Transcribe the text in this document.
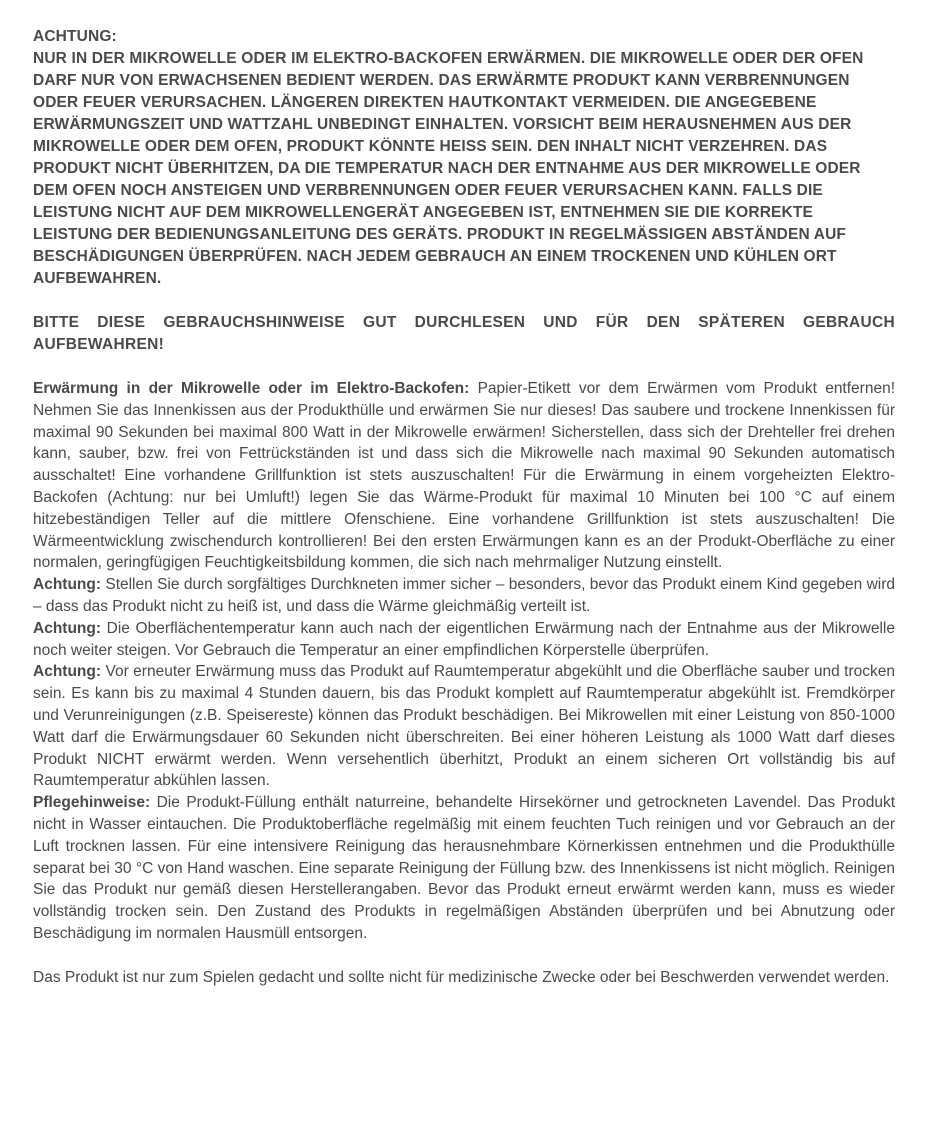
ACHTUNG:

NUR IN DER MIKROWELLE ODER IM ELEKTRO-BACKOFEN ERWÄRMEN. DIE MIKROWELLE ODER DER OFEN DARF NUR VON ERWACHSENEN BEDIENT WERDEN. DAS ERWÄRMTE PRODUKT KANN VERBRENNUNGEN ODER FEUER VERURSACHEN. LÄNGEREN DIREKTEN HAUTKONTAKT VERMEIDEN. DIE ANGEGEBENE ERWÄRMUNGSZEIT UND WATTZAHL UNBEDINGT EINHALTEN. VORSICHT BEIM HERAUSNEHMEN AUS DER MIKROWELLE ODER DEM OFEN, PRODUKT KÖNNTE HEISS SEIN. DEN INHALT NICHT VERZEHREN. DAS PRODUKT NICHT ÜBERHITZEN, DA DIE TEMPERATUR NACH DER ENTNAHME AUS DER MIKROWELLE ODER DEM OFEN NOCH ANSTEIGEN UND VERBRENNUNGEN ODER FEUER VERURSACHEN KANN. FALLS DIE LEISTUNG NICHT AUF DEM MIKROWELLENGERÄT ANGEGEBEN IST, ENTNEHMEN SIE DIE KORREKTE LEISTUNG DER BEDIENUNGSANLEITUNG DES GERÄTS. PRODUKT IN REGELMÄSSIGEN ABSTÄNDEN AUF BESCHÄDIGUNGEN ÜBERPRÜFEN. NACH JEDEM GEBRAUCH AN EINEM TROCKENEN UND KÜHLEN ORT AUFBEWAHREN.

BITTE DIESE GEBRAUCHSHINWEISE GUT DURCHLESEN UND FÜR DEN SPÄTEREN GEBRAUCH AUFBEWAHREN!

Erwärmung in der Mikrowelle oder im Elektro-Backofen: Papier-Etikett vor dem Erwärmen vom Produkt entfernen! Nehmen Sie das Innenkissen aus der Produkthülle und erwärmen Sie nur dieses! Das saubere und trockene Innenkissen für maximal 90 Sekunden bei maximal 800 Watt in der Mikrowelle erwärmen! Sicherstellen, dass sich der Drehteller frei drehen kann, sauber, bzw. frei von Fettrückständen ist und dass sich die Mikrowelle nach maximal 90 Sekunden automatisch ausschaltet! Eine vorhandene Grillfunktion ist stets auszuschalten! Für die Erwärmung in einem vorgeheizten Elektro-Backofen (Achtung: nur bei Umluft!) legen Sie das Wärme-Produkt für maximal 10 Minuten bei 100 °C auf einem hitzebeständigen Teller auf die mittlere Ofenschiene. Eine vorhandene Grillfunktion ist stets auszuschalten! Die Wärmeentwicklung zwischendurch kontrollieren! Bei den ersten Erwärmungen kann es an der Produkt-Oberfläche zu einer normalen, geringfügigen Feuchtigkeitsbildung kommen, die sich nach mehrmaliger Nutzung einstellt.

Achtung: Stellen Sie durch sorgfältiges Durchkneten immer sicher – besonders, bevor das Produkt einem Kind gegeben wird – dass das Produkt nicht zu heiß ist, und dass die Wärme gleichmäßig verteilt ist.

Achtung: Die Oberflächentemperatur kann auch nach der eigentlichen Erwärmung nach der Entnahme aus der Mikrowelle noch weiter steigen. Vor Gebrauch die Temperatur an einer empfindlichen Körperstelle überprüfen.

Achtung: Vor erneuter Erwärmung muss das Produkt auf Raumtemperatur abgekühlt und die Oberfläche sauber und trocken sein. Es kann bis zu maximal 4 Stunden dauern, bis das Produkt komplett auf Raumtemperatur abgekühlt ist. Fremdkörper und Verunreinigungen (z.B. Speisereste) können das Produkt beschädigen. Bei Mikrowellen mit einer Leistung von 850-1000 Watt darf die Erwärmungsdauer 60 Sekunden nicht überschreiten. Bei einer höheren Leistung als 1000 Watt darf dieses Produkt NICHT erwärmt werden. Wenn versehentlich überhitzt, Produkt an einem sicheren Ort vollständig bis auf Raumtemperatur abkühlen lassen.

Pflegehinweise: Die Produkt-Füllung enthält naturreine, behandelte Hirsekörner und getrockneten Lavendel. Das Produkt nicht in Wasser eintauchen. Die Produktoberfläche regelmäßig mit einem feuchten Tuch reinigen und vor Gebrauch an der Luft trocknen lassen. Für eine intensivere Reinigung das herausnehmbare Körnerkissen entnehmen und die Produkthülle separat bei 30 °C von Hand waschen. Eine separate Reinigung der Füllung bzw. des Innenkissens ist nicht möglich. Reinigen Sie das Produkt nur gemäß diesen Herstellerangaben. Bevor das Produkt erneut erwärmt werden kann, muss es wieder vollständig trocken sein. Den Zustand des Produkts in regelmäßigen Abständen überprüfen und bei Abnutzung oder Beschädigung im normalen Hausmüll entsorgen.

Das Produkt ist nur zum Spielen gedacht und sollte nicht für medizinische Zwecke oder bei Beschwerden verwendet werden.
